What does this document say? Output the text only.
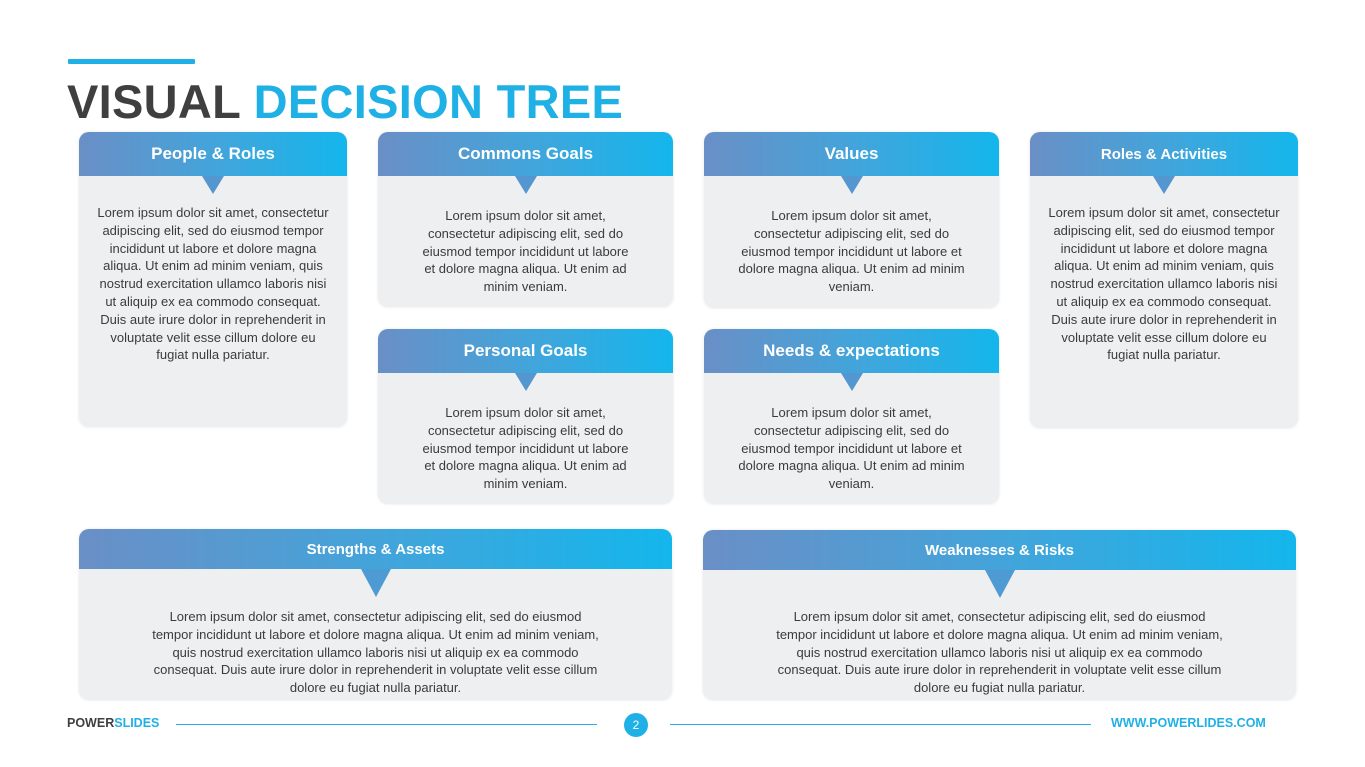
VISUAL DECISION TREE
People & Roles
Lorem ipsum dolor sit amet, consectetur adipiscing elit, sed do eiusmod tempor incididunt ut labore et dolore magna aliqua. Ut enim ad minim veniam, quis nostrud exercitation ullamco laboris nisi ut aliquip ex ea commodo consequat. Duis aute irure dolor in reprehenderit in voluptate velit esse cillum dolore eu fugiat nulla pariatur.
Commons Goals
Lorem ipsum dolor sit amet, consectetur adipiscing elit, sed do eiusmod tempor incididunt ut labore et dolore magna aliqua. Ut enim ad minim veniam.
Values
Lorem ipsum dolor sit amet, consectetur adipiscing elit, sed do eiusmod tempor incididunt ut labore et dolore magna aliqua. Ut enim ad minim veniam.
Roles & Activities
Lorem ipsum dolor sit amet, consectetur adipiscing elit, sed do eiusmod tempor incididunt ut labore et dolore magna aliqua. Ut enim ad minim veniam, quis nostrud exercitation ullamco laboris nisi ut aliquip ex ea commodo consequat. Duis aute irure dolor in reprehenderit in voluptate velit esse cillum dolore eu fugiat nulla pariatur.
Personal Goals
Lorem ipsum dolor sit amet, consectetur adipiscing elit, sed do eiusmod tempor incididunt ut labore et dolore magna aliqua. Ut enim ad minim veniam.
Needs & expectations
Lorem ipsum dolor sit amet, consectetur adipiscing elit, sed do eiusmod tempor incididunt ut labore et dolore magna aliqua. Ut enim ad minim veniam.
Strengths & Assets
Lorem ipsum dolor sit amet, consectetur adipiscing elit, sed do eiusmod tempor incididunt ut labore et dolore magna aliqua. Ut enim ad minim veniam, quis nostrud exercitation ullamco laboris nisi ut aliquip ex ea commodo consequat. Duis aute irure dolor in reprehenderit in voluptate velit esse cillum dolore eu fugiat nulla pariatur.
Weaknesses & Risks
Lorem ipsum dolor sit amet, consectetur adipiscing elit, sed do eiusmod tempor incididunt ut labore et dolore magna aliqua. Ut enim ad minim veniam, quis nostrud exercitation ullamco laboris nisi ut aliquip ex ea commodo consequat. Duis aute irure dolor in reprehenderit in voluptate velit esse cillum dolore eu fugiat nulla pariatur.
POWERSLIDES	2	WWW.POWERLIDES.COM
